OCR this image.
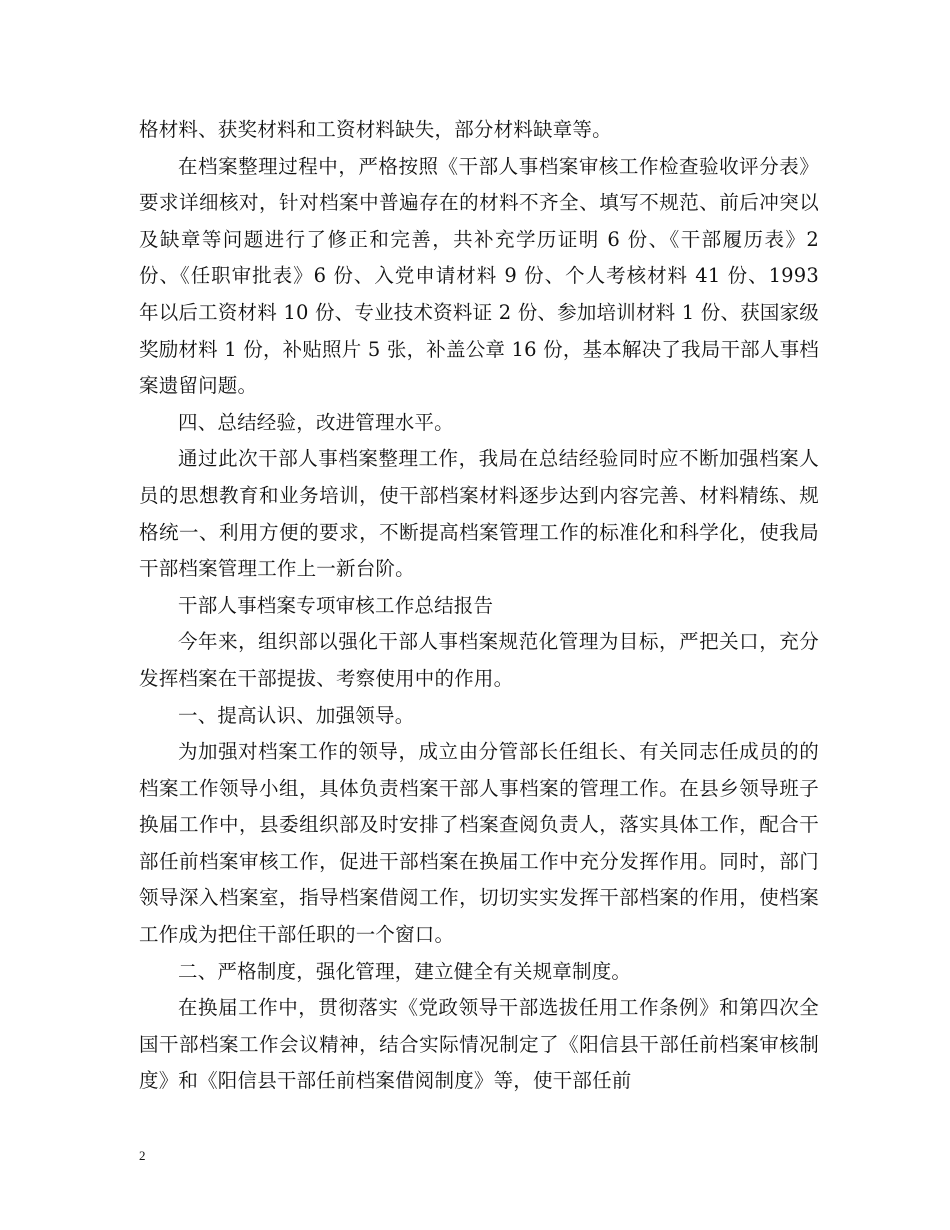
格材料、获奖材料和工资材料缺失，部分材料缺章等。

在档案整理过程中，严格按照《干部人事档案审核工作检查验收评分表》要求详细核对，针对档案中普遍存在的材料不齐全、填写不规范、前后冲突以及缺章等问题进行了修正和完善，共补充学历证明 6 份、《干部履历表》2 份、《任职审批表》6 份、入党申请材料 9 份、个人考核材料 41 份、1993 年以后工资材料 10 份、专业技术资料证 2 份、参加培训材料 1 份、获国家级奖励材料 1 份，补贴照片 5 张，补盖公章 16 份，基本解决了我局干部人事档案遗留问题。

四、总结经验，改进管理水平。

通过此次干部人事档案整理工作，我局在总结经验同时应不断加强档案人员的思想教育和业务培训，使干部档案材料逐步达到内容完善、材料精练、规格统一、利用方便的要求，不断提高档案管理工作的标准化和科学化，使我局干部档案管理工作上一新台阶。

干部人事档案专项审核工作总结报告

今年来，组织部以强化干部人事档案规范化管理为目标，严把关口，充分发挥档案在干部提拔、考察使用中的作用。

一、提高认识、加强领导。

为加强对档案工作的领导，成立由分管部长任组长、有关同志任成员的的档案工作领导小组，具体负责档案干部人事档案的管理工作。在县乡领导班子换届工作中，县委组织部及时安排了档案查阅负责人，落实具体工作，配合干部任前档案审核工作，促进干部档案在换届工作中充分发挥作用。同时，部门领导深入档案室，指导档案借阅工作，切切实实发挥干部档案的作用，使档案工作成为把住干部任职的一个窗口。

二、严格制度，强化管理，建立健全有关规章制度。

在换届工作中，贯彻落实《党政领导干部选拔任用工作条例》和第四次全国干部档案工作会议精神，结合实际情况制定了《阳信县干部任前档案审核制度》和《阳信县干部任前档案借阅制度》等，使干部任前

2
